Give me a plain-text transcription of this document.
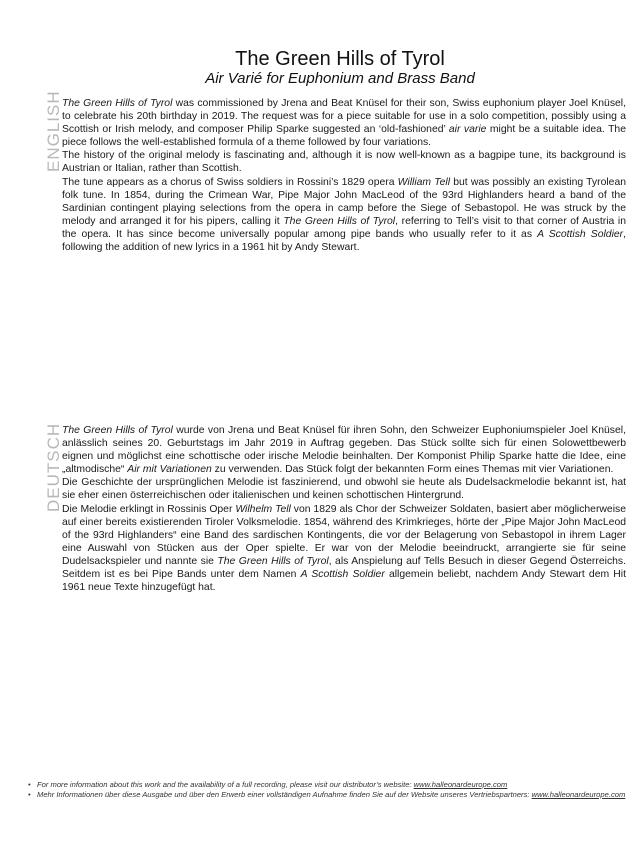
The Green Hills of Tyrol
Air Varié for Euphonium and Brass Band
ENGLISH The Green Hills of Tyrol was commissioned by Jrena and Beat Knüsel for their son, Swiss euphonium player Joel Knüsel, to celebrate his 20th birthday in 2019. The request was for a piece suitable for use in a solo competition, possibly using a Scottish or Irish melody, and composer Philip Sparke suggested an ‘old-fashioned’ air varie might be a suitable idea. The piece follows the well-established formula of a theme followed by four variations.

The history of the original melody is fascinating and, although it is now well-known as a bagpipe tune, its background is Austrian or Italian, rather than Scottish.

The tune appears as a chorus of Swiss soldiers in Rossini’s 1829 opera William Tell but was possibly an existing Tyrolean folk tune. In 1854, during the Crimean War, Pipe Major John MacLeod of the 93rd Highlanders heard a band of the Sardinian contingent playing selections from the opera in camp before the Siege of Sebastopol. He was struck by the melody and arranged it for his pipers, calling it The Green Hills of Tyrol, referring to Tell’s visit to that corner of Austria in the opera. It has since become universally popular among pipe bands who usually refer to it as A Scottish Soldier, following the addition of new lyrics in a 1961 hit by Andy Stewart.

DEUTSCH The Green Hills of Tyrol wurde von Jrena und Beat Knüsel für ihren Sohn, den Schweizer Euphoniumspieler Joel Knüsel, anlässlich seines 20. Geburtstags im Jahr 2019 in Auftrag gegeben. Das Stück sollte sich für einen Solowettbewerb eignen und möglichst eine schottische oder irische Melodie beinhalten. Der Komponist Philip Sparke hatte die Idee, eine „altmodische“ Air mit Variationen zu verwenden. Das Stück folgt der bekannten Form eines Themas mit vier Variationen.

Die Geschichte der ursprünglichen Melodie ist faszinierend, und obwohl sie heute als Dudelsackmelodie bekannt ist, hat sie eher einen österreichischen oder italienischen und keinen schottischen Hintergrund.

Die Melodie erklingt in Rossinis Oper Wilhelm Tell von 1829 als Chor der Schweizer Soldaten, basiert aber möglicherweise auf einer bereits existierenden Tiroler Volksmelodie. 1854, während des Krimkrieges, hörte der „Pipe Major John MacLeod of the 93rd Highlanders“ eine Band des sardischen Kontingents, die vor der Belagerung von Sebastopol in ihrem Lager eine Auswahl von Stücken aus der Oper spielte. Er war von der Melodie beeindruckt, arrangierte sie für seine Dudelsackspieler und nannte sie The Green Hills of Tyrol, als Anspielung auf Tells Besuch in dieser Gegend Österreichs. Seitdem ist es bei Pipe Bands unter dem Namen A Scottish Soldier allgemein beliebt, nachdem Andy Stewart dem Hit 1961 neue Texte hinzugefügt hat.

alle-noten.de
• For more information about this work and the availability of a full recording, please visit our distributor’s website: www.halleonardeurope.com
• Mehr Informationen über diese Ausgabe und über den Erwerb einer vollständigen Aufnahme finden Sie auf der Website unseres Vertriebspartners: www.halleonardeurope.com
